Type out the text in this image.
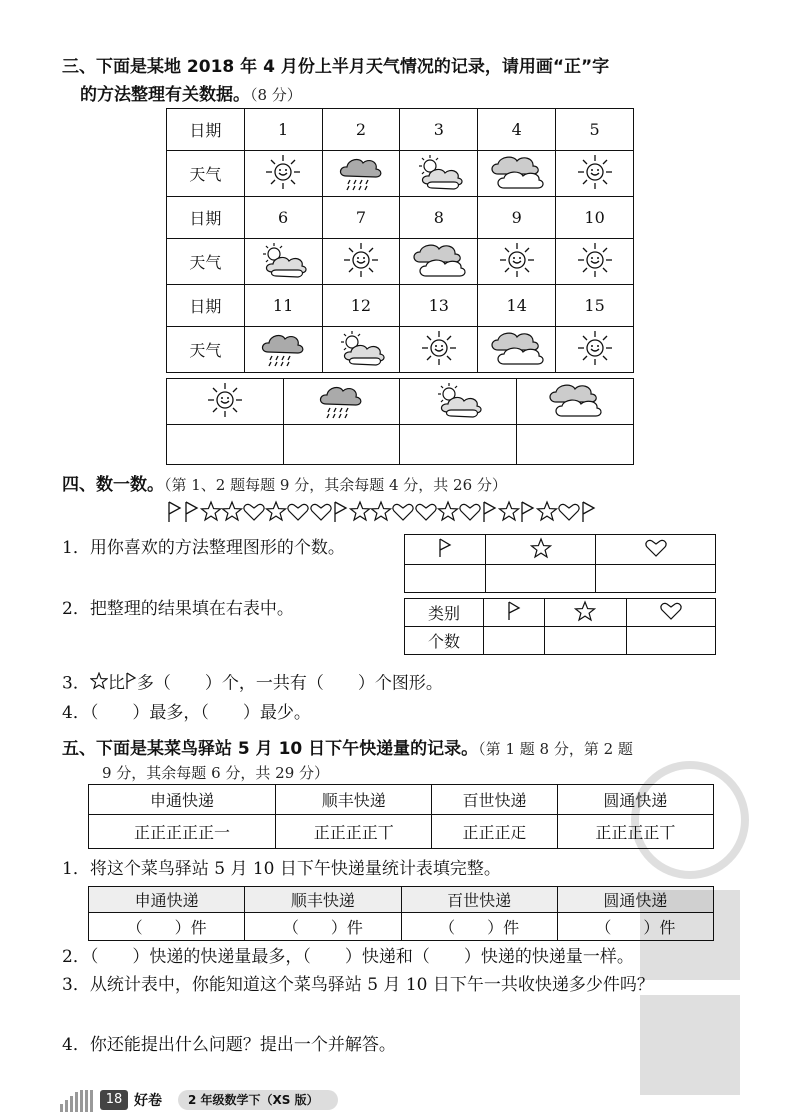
三、下面是某地 2018 年 4 月份上半月天气情况的记录，请用画“正”字
的方法整理有关数据。（8 分）
日期	1	2	3	4	5
天气					
日期	6	7	8	9	10
天气					
日期	11	12	13	14	15
天气					

四、数一数。（第 1、2 题每题 9 分，其余每题 4 分，共 26 分）
1．用你喜欢的方法整理图形的个数。

2．把整理的结果填在右表中。	类别			
个数			
3． 比 多（　　）个，一共有（　　）个图形。
4．（　　）最多，（　　）最少。
五、下面是某菜鸟驿站 5 月 10 日下午快递量的记录。（第 1 题 8 分，第 2 题
9 分，其余每题 6 分，共 29 分）
申通快递	顺丰快递	百世快递	圆通快递
正正正正正一	正正正正丅	正正正𤴓	正正正正丅
1．将这个菜鸟驿站 5 月 10 日下午快递量统计表填完整。
申通快递	顺丰快递	百世快递	圆通快递
（　　）件	（　　）件	（　　）件	（　　）件
2．（　　）快递的快递量最多，（　　）快递和（　　）快递的快递量一样。
3．从统计表中，你能知道这个菜鸟驿站 5 月 10 日下午一共收快递多少件吗？
4．你还能提出什么问题？提出一个并解答。
18 好卷	2 年级数学下（XS 版）
